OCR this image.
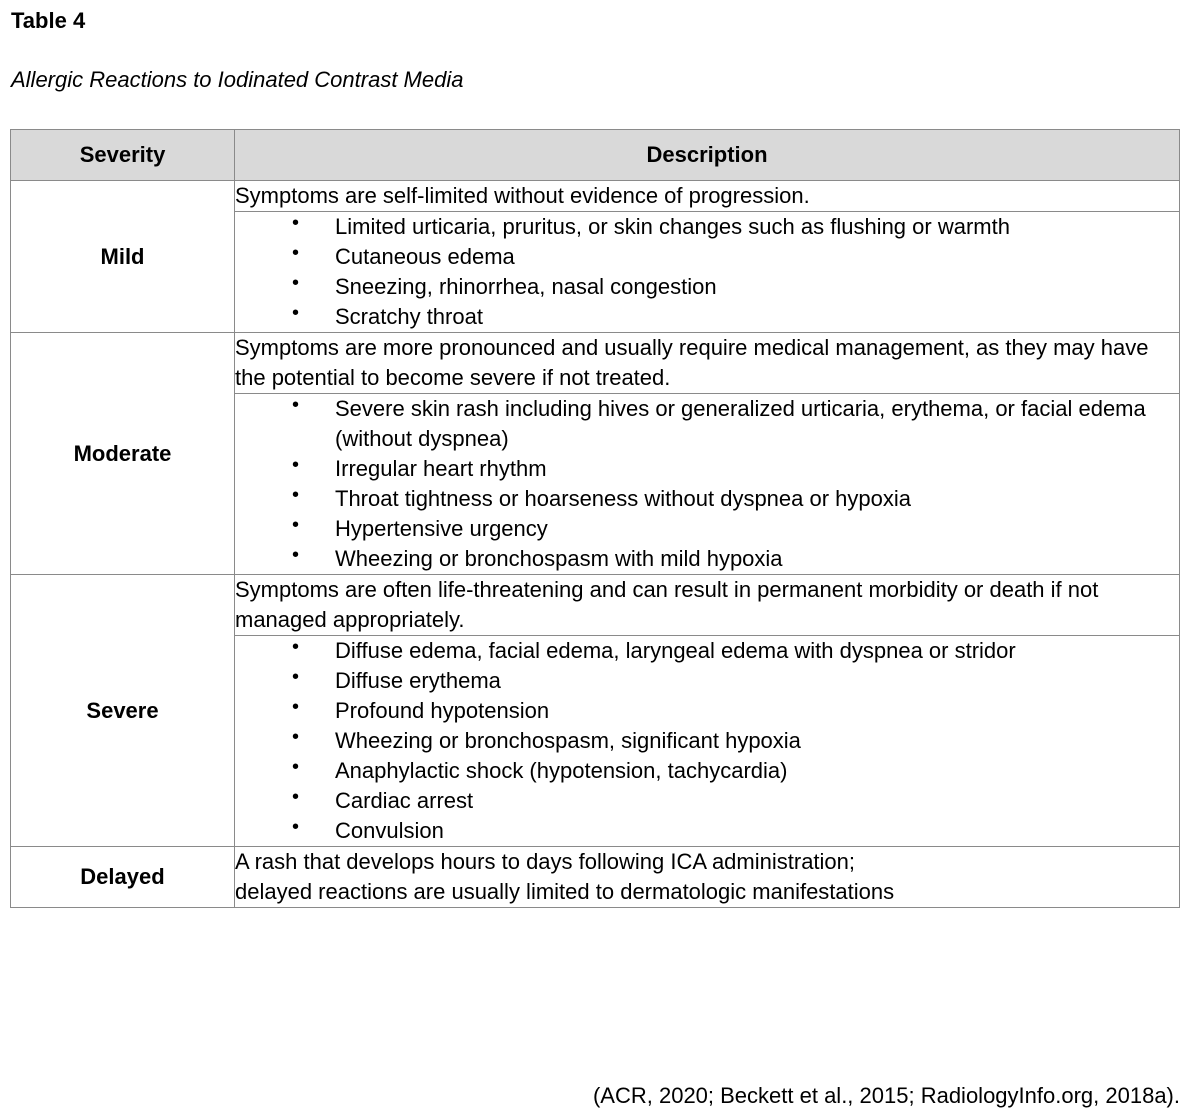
Table 4

Allergic Reactions to Iodinated Contrast Media

Severity	Description
Mild	Symptoms are self-limited without evidence of progression.

• Limited urticaria, pruritus, or skin changes such as flushing or warmth
• Cutaneous edema
• Sneezing, rhinorrhea, nasal congestion
• Scratchy throat

Moderate	Symptoms are more pronounced and usually require medical management, as they may have the potential to become severe if not treated.

• Severe skin rash including hives or generalized urticaria, erythema, or facial edema (without dyspnea)
• Irregular heart rhythm
• Throat tightness or hoarseness without dyspnea or hypoxia
• Hypertensive urgency
• Wheezing or bronchospasm with mild hypoxia

Severe	Symptoms are often life-threatening and can result in permanent morbidity or death if not managed appropriately.

• Diffuse edema, facial edema, laryngeal edema with dyspnea or stridor
• Diffuse erythema
• Profound hypotension
• Wheezing or bronchospasm, significant hypoxia
• Anaphylactic shock (hypotension, tachycardia)
• Cardiac arrest
• Convulsion

Delayed	A rash that develops hours to days following ICA administration;
delayed reactions are usually limited to dermatologic manifestations

(ACR, 2020; Beckett et al., 2015; RadiologyInfo.org, 2018a).
